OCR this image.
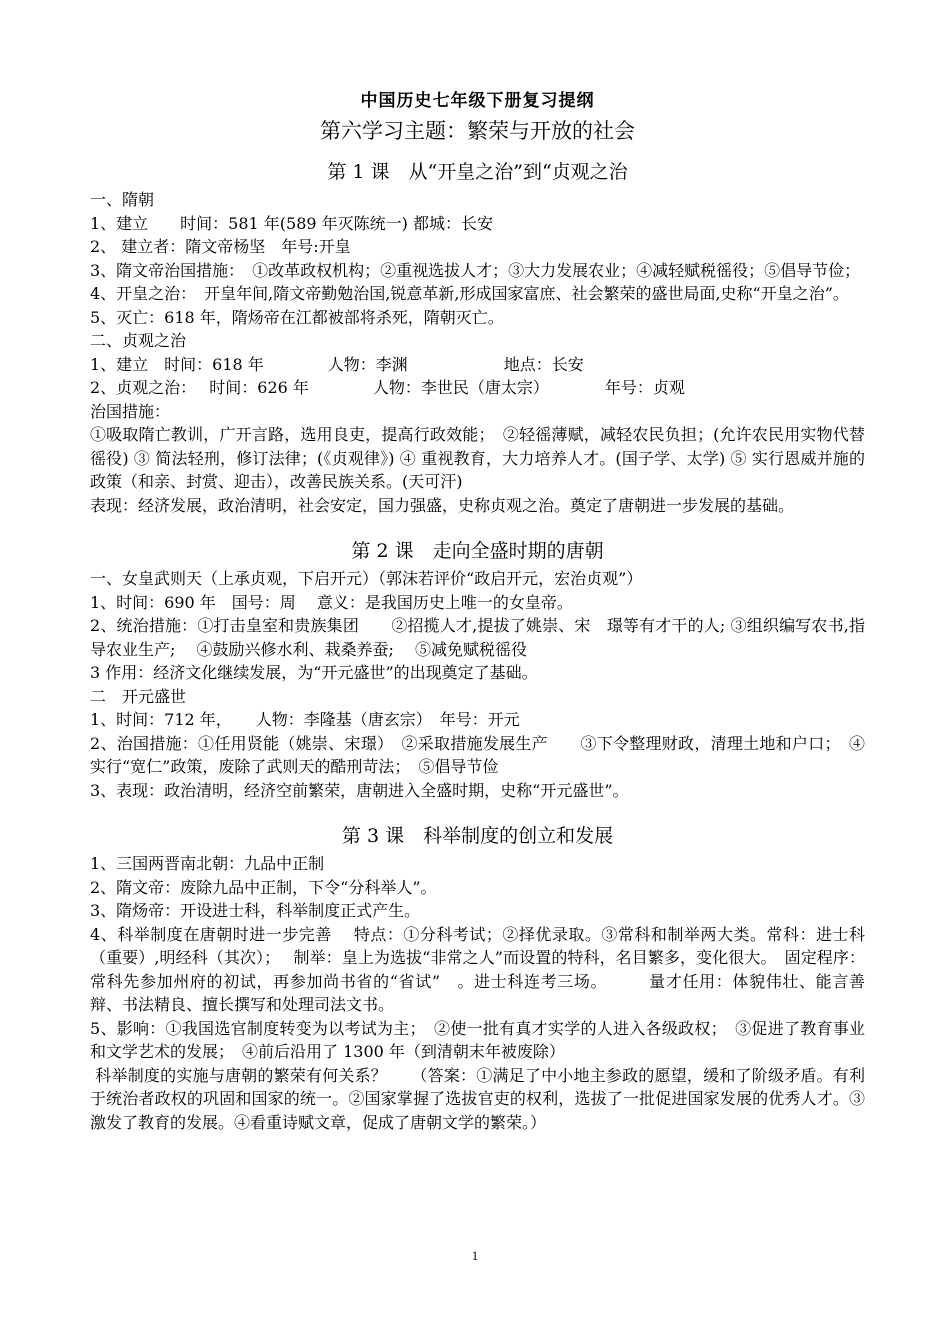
中国历史七年级下册复习提纲
第六学习主题：繁荣与开放的社会
第 1 课　从“开皇之治”到“贞观之治
一、隋朝
1、建立　　时间：581 年(589 年灭陈统一) 都城：长安
2、 建立者：隋文帝杨坚　年号:开皇
3、隋文帝治国措施：　①改革政权机构；②重视选拔人才；③大力发展农业；④减轻赋税徭役；⑤倡导节俭；
4、开皇之治：　开皇年间,隋文帝勤勉治国,锐意革新,形成国家富庶、社会繁荣的盛世局面,史称“开皇之治”。
5、灭亡：618 年，隋炀帝在江都被部将杀死，隋朝灭亡。
二、贞观之治
1、建立　时间：618 年　　　　人物：李渊　　　　　　地点：长安
2、贞观之治：　 时间：626 年　　　　人物：李世民（唐太宗）　　　　年号：贞观
治国措施：
①吸取隋亡教训，广开言路，选用良吏，提高行政效能；　②轻徭薄赋，减轻农民负担；(允许农民用实物代替徭役) ③ 简法轻刑，修订法律；(《贞观律》) ④ 重视教育，大力培养人才。(国子学、太学) ⑤ 实行恩威并施的政策（和亲、封赏、迎击），改善民族关系。(天可汗)
表现：经济发展，政治清明，社会安定，国力强盛，史称贞观之治。奠定了唐朝进一步发展的基础。
第 2 课　走向全盛时期的唐朝
一、女皇武则天（上承贞观，下启开元）（郭沫若评价“政启开元，宏治贞观”）
1、时间：690 年　国号：周　 意义：是我国历史上唯一的女皇帝。
2、统治措施：①打击皇室和贵族集团　　②招揽人才,提拔了姚崇、宋　璟等有才干的人; ③组织编写农书,指导农业生产;　 ④鼓励兴修水利、栽桑养蚕;　 ⑤减免赋税徭役
3 作用：经济文化继续发展，为“开元盛世”的出现奠定了基础。
二　开元盛世
1、时间：712 年，　　人物：李隆基（唐玄宗）　年号：开元
2、治国措施：①任用贤能（姚崇、宋璟）　②采取措施发展生产　　③下令整理财政，清理土地和户口；　④实行“宽仁”政策，废除了武则天的酷刑苛法；　⑤倡导节俭
3、表现：政治清明，经济空前繁荣，唐朝进入全盛时期，史称“开元盛世”。
第 3 课　科举制度的创立和发展
1、三国两晋南北朝：九品中正制
2、隋文帝：废除九品中正制，下令“分科举人”。
3、隋炀帝：开设进士科，科举制度正式产生。
4、科举制度在唐朝时进一步完善　 特点：①分科考试；②择优录取。③常科和制举两大类。常科：进士科（重要）,明经科（其次）；　 制举：皇上为选拔“非常之人”而设置的特科，名目繁多，变化很大。　固定程序：常科先参加州府的初试，再参加尚书省的“省试”　。进士科连考三场。　　　量才任用：体貌伟壮、能言善辩、书法精良、擅长撰写和处理司法文书。
5、影响：①我国选官制度转变为以考试为主；　②使一批有真才实学的人进入各级政权；　③促进了教育事业和文学艺术的发展；　④前后沿用了 1300 年（到清朝末年被废除）
科举制度的实施与唐朝的繁荣有何关系？　　（答案：①满足了中小地主参政的愿望，缓和了阶级矛盾。有利于统治者政权的巩固和国家的统一。②国家掌握了选拔官吏的权利，选拔了一批促进国家发展的优秀人才。③激发了教育的发展。④看重诗赋文章，促成了唐朝文学的繁荣。）
1
